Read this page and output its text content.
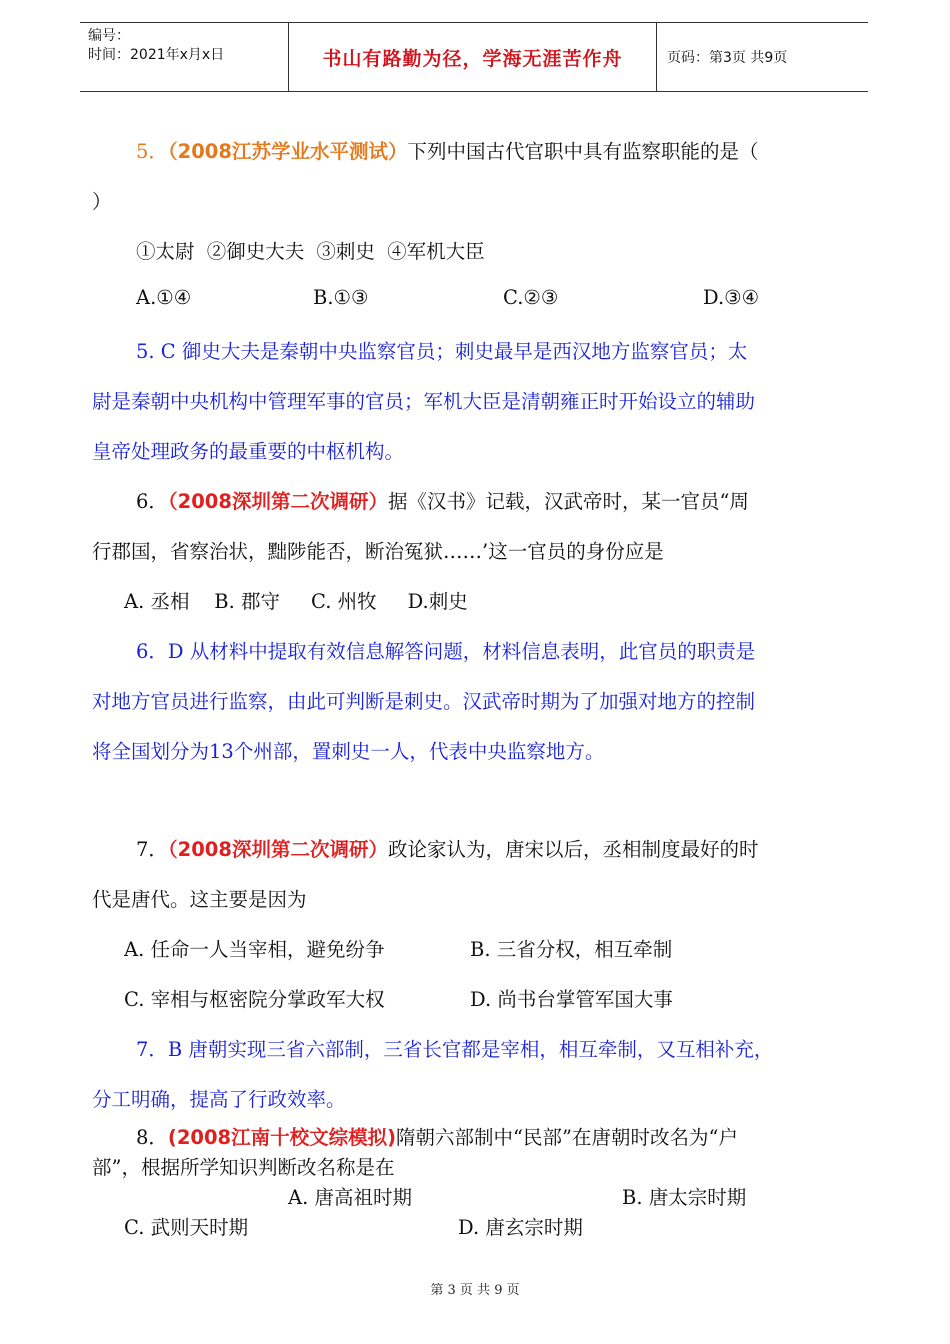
编号：
时间：2021年x月x日	书山有路勤为径，学海无涯苦作舟	页码：第3页 共9页
5．（2008江苏学业水平测试）下列中国古代官职中具有监察职能的是（
）
①太尉 ②御史大夫 ③刺史 ④军机大臣
A.①④	B.①③	C.②③	D.③④
5. C 御史大夫是秦朝中央监察官员；刺史最早是西汉地方监察官员；太
尉是秦朝中央机构中管理军事的官员；军机大臣是清朝雍正时开始设立的辅助
皇帝处理政务的最重要的中枢机构。
6．（2008深圳第二次调研）据《汉书》记载，汉武帝时，某一官员“周
行郡国，省察治状，黜陟能否，断治冤狱……’这一官员的身份应是
A. 丞相    B. 郡守     C. 州牧     D.刺史
6．D 从材料中提取有效信息解答问题，材料信息表明，此官员的职责是
对地方官员进行监察，由此可判断是刺史。汉武帝时期为了加强对地方的控制
将全国划分为13个州部，置刺史一人，代表中央监察地方。
7．（2008深圳第二次调研）政论家认为，唐宋以后，丞相制度最好的时
代是唐代。这主要是因为
A. 任命一人当宰相，避免纷争	B. 三省分权，相互牵制
C. 宰相与枢密院分掌政军大权	D. 尚书台掌管军国大事
7．B 唐朝实现三省六部制，三省长官都是宰相，相互牵制，又互相补充，
分工明确，提高了行政效率。
8．(2008江南十校文综模拟)隋朝六部制中“民部”在唐朝时改名为“户
部”，根据所学知识判断改名称是在
A. 唐高祖时期	B. 唐太宗时期
C. 武则天时期	D. 唐玄宗时期
第 3 页 共 9 页
